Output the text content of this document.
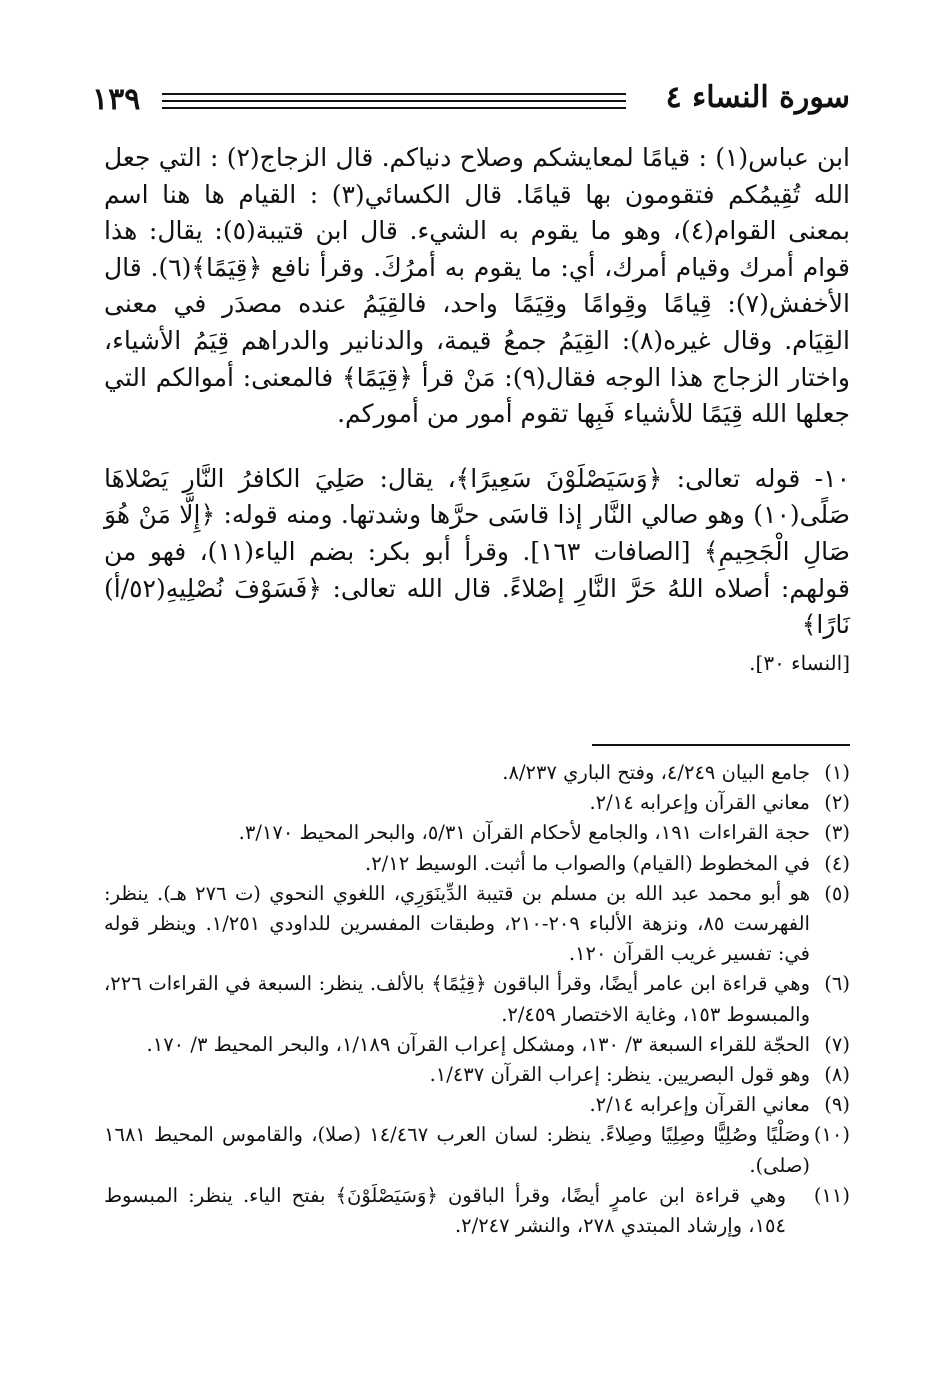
١٣٩	سورة النساء ٤

ابن عباس(١) : قيامًا لمعايشكم وصلاح دنياكم. قال الزجاج(٢) : التي جعل الله تُقِيمُكم فتقومون بها قيامًا. قال الكسائي(٣) : القيام ها هنا اسم بمعنى القوام(٤)، وهو ما يقوم به الشيء. قال ابن قتيبة(٥): يقال: هذا قوام أمرك وقيام أمرك، أي: ما يقوم به أمرُكَ. وقرأ نافع ﴿قِيَمًا﴾(٦). قال الأخفش(٧): قِيامًا وقِوامًا وقِيَمًا واحد، فالقِيَمُ عنده مصدَر في معنى القِيَام. وقال غيره(٨): القِيَمُ جمعُ قيمة، والدنانير والدراهم قِيَمُ الأشياء، واختار الزجاج هذا الوجه فقال(٩): مَنْ قرأ ﴿قِيَمًا﴾ فالمعنى: أموالكم التي جعلها الله قِيَمًا للأشياء فَبِها تقوم أمور من أموركم.

١٠- قوله تعالى: ﴿وَسَيَصْلَوْنَ سَعِيرًا﴾، يقال: صَلِيَ الكافرُ النَّار يَصْلاهَا صَلًى(١٠) وهو صالي النَّار إذا قاسَى حرَّها وشدتها. ومنه قوله: ﴿إِلَّا مَنْ هُوَ صَالِ الْجَحِيمِ﴾ [الصافات ١٦٣]. وقرأ أبو بكر: بضم الياء(١١)، فهو من قولهم: أصلاه اللهُ حَرَّ النَّارِ إصْلاءً. قال الله تعالى: ﴿فَسَوْفَ نُصْلِيهِ(٥٢/أ) نَارًا﴾
[النساء ٣٠].

(١)
جامع البيان ٤/٢٤٩، وفتح الباري ٨/٢٣٧.
(٢)
معاني القرآن وإعرابه ٢/١٤.
(٣)
حجة القراءات ١٩١، والجامع لأحكام القرآن ٥/٣١، والبحر المحيط ٣/١٧٠.
(٤)
في المخطوط (القيام) والصواب ما أثبت. الوسيط ٢/١٢.
(٥)
هو أبو محمد عبد الله بن مسلم بن قتيبة الدِّينَوَرِي، اللغوي النحوي (ت ٢٧٦ هـ). ينظر: الفهرست ٨٥، ونزهة الألباء ٢٠٩-٢١٠، وطبقات المفسرين للداودي ١/٢٥١. وينظر قوله في: تفسير غريب القرآن ١٢٠.
(٦)
وهي قراءة ابن عامر أيضًا، وقرأ الباقون ﴿قِيَٰمًا﴾ بالألف. ينظر: السبعة في القراءات ٢٢٦، والمبسوط ١٥٣، وغاية الاختصار ٢/٤٥٩.
(٧)
الحجّة للقراء السبعة ٣/ ١٣٠، ومشكل إعراب القرآن ١/١٨٩، والبحر المحيط ٣/ ١٧٠.
(٨)
وهو قول البصريين. ينظر: إعراب القرآن ١/٤٣٧.
(٩)
معاني القرآن وإعرابه ٢/١٤.
(١٠)
وصَلْيًا وصُلِيًّا وصِلِيًا وصِلاءً. ينظر: لسان العرب ١٤/٤٦٧ (صلا)، والقاموس المحيط ١٦٨١ (صلى).
(١١)
وهي قراءة ابن عامرٍ أيضًا، وقرأ الباقون ﴿وَسَيَصْلَوْنَ﴾ بفتح الياء. ينظر: المبسوط ١٥٤، وإرشاد المبتدي ٢٧٨، والنشر ٢/٢٤٧.
